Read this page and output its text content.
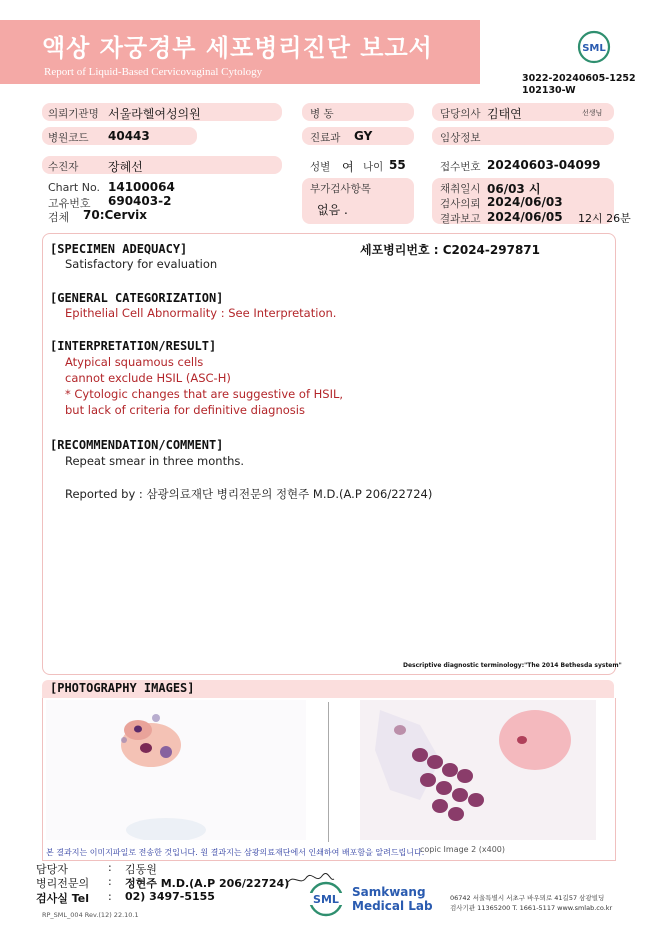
액상 자궁경부 세포병리진단 보고서
Report of Liquid-Based Cervicovaginal Cytology
SML
3022-20240605-1252
102130-W
의뢰기관명 서울라헬여성의원	병 동	담당의사 김태연	선생님
병원코드 40443	진료과 GY	임상정보
수진자 장혜선	성별 여 나이 55	접수번호 20240603-04099
Chart No. 14100064
고유번호 690403-2
검체 70:Cervix
부가검사항목
없음 .
채취일시 06/03 시
검사의뢰 2024/06/03
결과보고 2024/06/05 12시 26분
[SPECIMEN ADEQUACY]	세포병리번호 : C2024-297871
Satisfactory for evaluation
[GENERAL CATEGORIZATION]
Epithelial Cell Abnormality : See Interpretation.
[INTERPRETATION/RESULT]
Atypical squamous cells
cannot exclude HSIL (ASC-H)
* Cytologic changes that are suggestive of HSIL,
but lack of criteria for definitive diagnosis
[RECOMMENDATION/COMMENT]
Repeat smear in three months.
Reported by : 삼광의료재단 병리전문의 정현주 M.D.(A.P 206/22724)
Descriptive diagnostic terminology:"The 2014 Bethesda system"
[PHOTOGRAPHY IMAGES]
copic Image 2 (x400)
본 결과지는 이미지파일로 전송한 것입니다. 원 결과지는 삼광의료재단에서 인쇄하여 배포함을 알려드립니다.
담당자	: 김동원
병리전문의 : 정현주 M.D.(A.P 206/22724)
검사실 Tel : 02) 3497-5155	SML
Samkwang
Medical Lab
06742 서울특별시 서초구 바우뫼로 41길57 삼광빌딩
검사기관 11365200 T. 1661-5117 www.smlab.co.kr
RP_SML_004 Rev.(12) 22.10.1
